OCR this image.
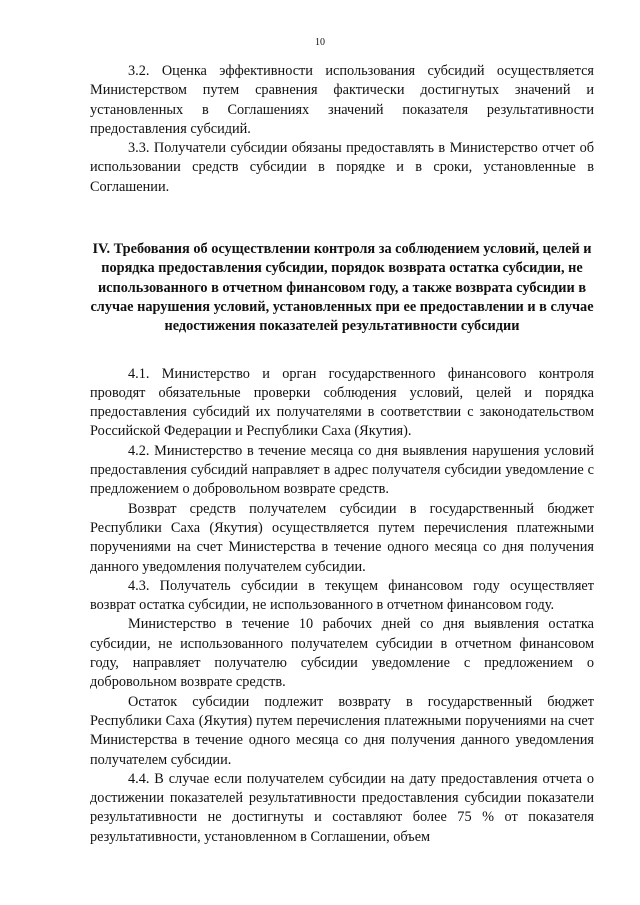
10

3.2. Оценка эффективности использования субсидий осуществляется Министерством путем сравнения фактически достигнутых значений и установленных в Соглашениях значений показателя результативности предоставления субсидий.

3.3. Получатели субсидии обязаны предоставлять в Министерство отчет об использовании средств субсидии в порядке и в сроки, установленные в Соглашении.

IV. Требования об осуществлении контроля за соблюдением условий, целей и порядка предоставления субсидии, порядок возврата остатка субсидии, не использованного в отчетном финансовом году, а также возврата субсидии в случае нарушения условий, установленных при ее предоставлении и в случае недостижения показателей результативности субсидии

4.1. Министерство и орган государственного финансового контроля проводят обязательные проверки соблюдения условий, целей и порядка предоставления субсидий их получателями в соответствии с законодательством Российской Федерации и Республики Саха (Якутия).

4.2. Министерство в течение месяца со дня выявления нарушения условий предоставления субсидий направляет в адрес получателя субсидии уведомление с предложением о добровольном возврате средств.

Возврат средств получателем субсидии в государственный бюджет Республики Саха (Якутия) осуществляется путем перечисления платежными поручениями на счет Министерства в течение одного месяца со дня получения данного уведомления получателем субсидии.

4.3. Получатель субсидии в текущем финансовом году осуществляет возврат остатка субсидии, не использованного в отчетном финансовом году.

Министерство в течение 10 рабочих дней со дня выявления остатка субсидии, не использованного получателем субсидии в отчетном финансовом году, направляет получателю субсидии уведомление с предложением о добровольном возврате средств.

Остаток субсидии подлежит возврату в государственный бюджет Республики Саха (Якутия) путем перечисления платежными поручениями на счет Министерства в течение одного месяца со дня получения данного уведомления получателем субсидии.

4.4. В случае если получателем субсидии на дату предоставления отчета о достижении показателей результативности предоставления субсидии показатели результативности не достигнуты и составляют более 75 % от показателя результативности, установленном в Соглашении, объем
